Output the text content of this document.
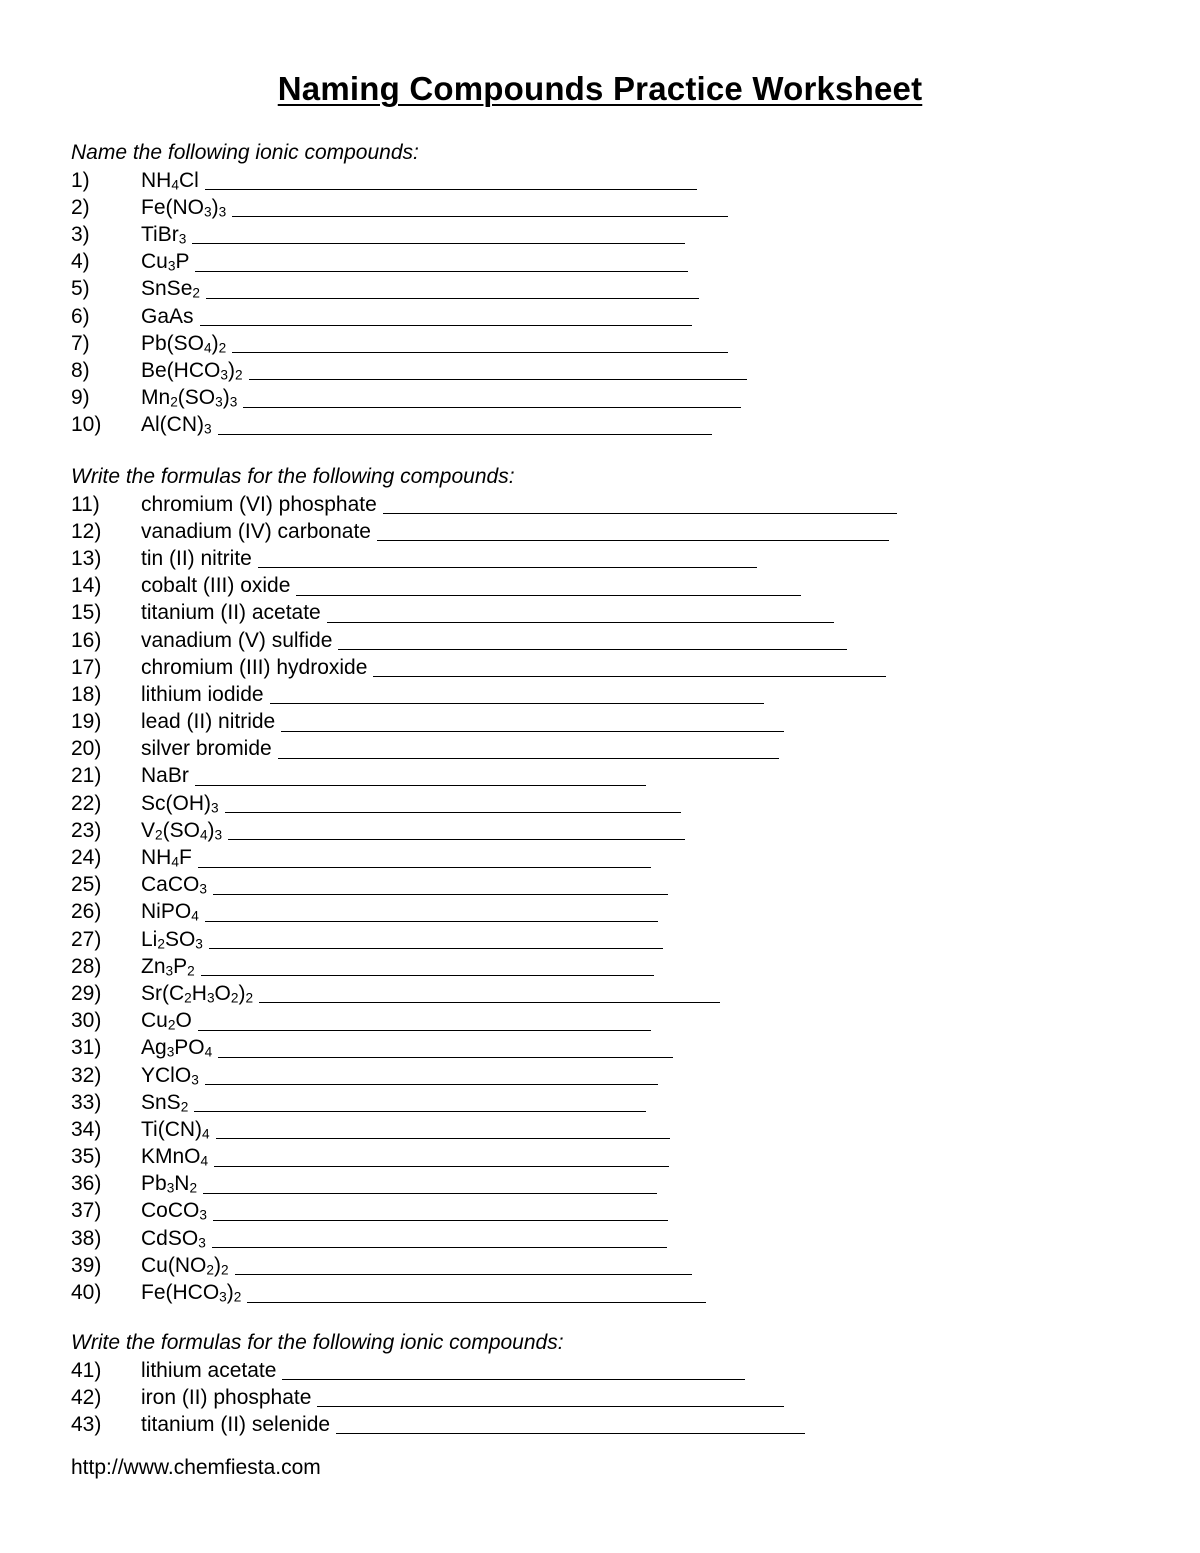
Naming Compounds Practice Worksheet
Name the following ionic compounds:
1)	$NH_4Cl$
2)	$Fe(NO_3)_3$
3)	TiBr$_3$
4)	$Cu_3P$
5)	SnSe$_2$
6)	GaAs
7)	$Pb(SO_4)_2$
8)	$Be(HCO_3)_2$
9)	$Mn_2(SO_3)_3$
10)	$Al(CN)_3$
Write the formulas for the following compounds:
11)	chromium (VI) phosphate
12)	vanadium (IV) carbonate
13)	tin (II) nitrite
14)	cobalt (III) oxide
15)	titanium (II) acetate
16)	vanadium (V) sulfide
17)	chromium (III) hydroxide
18)	lithium iodide
19)	lead (II) nitride
20)	silver bromide
21)	NaBr
22)	$Sc(OH)_3$
23)	$V_2(SO_4)_3$
24)	$NH_4F$
25)	CaCO$_3$
26)	NiPO$_4$
27)	$Li_2SO_3$
28)	$Zn_3P_2$
29)	$Sr(C_2H_3O_2)_2$
30)	$Cu_2O$
31)	$Ag_3PO_4$
32)	YClO$_3$
33)	SnS$_2$
34)	$Ti(CN)_4$
35)	KMnO$_4$
36)	$Pb_3N_2$
37)	CoCO$_3$
38)	CdSO$_3$
39)	$Cu(NO_2)_2$
40)	$Fe(HCO_3)_2$
Write the formulas for the following ionic compounds:
41)	lithium acetate
42)	iron (II) phosphate
43)	titanium (II) selenide
http://www.chemfiesta.com
